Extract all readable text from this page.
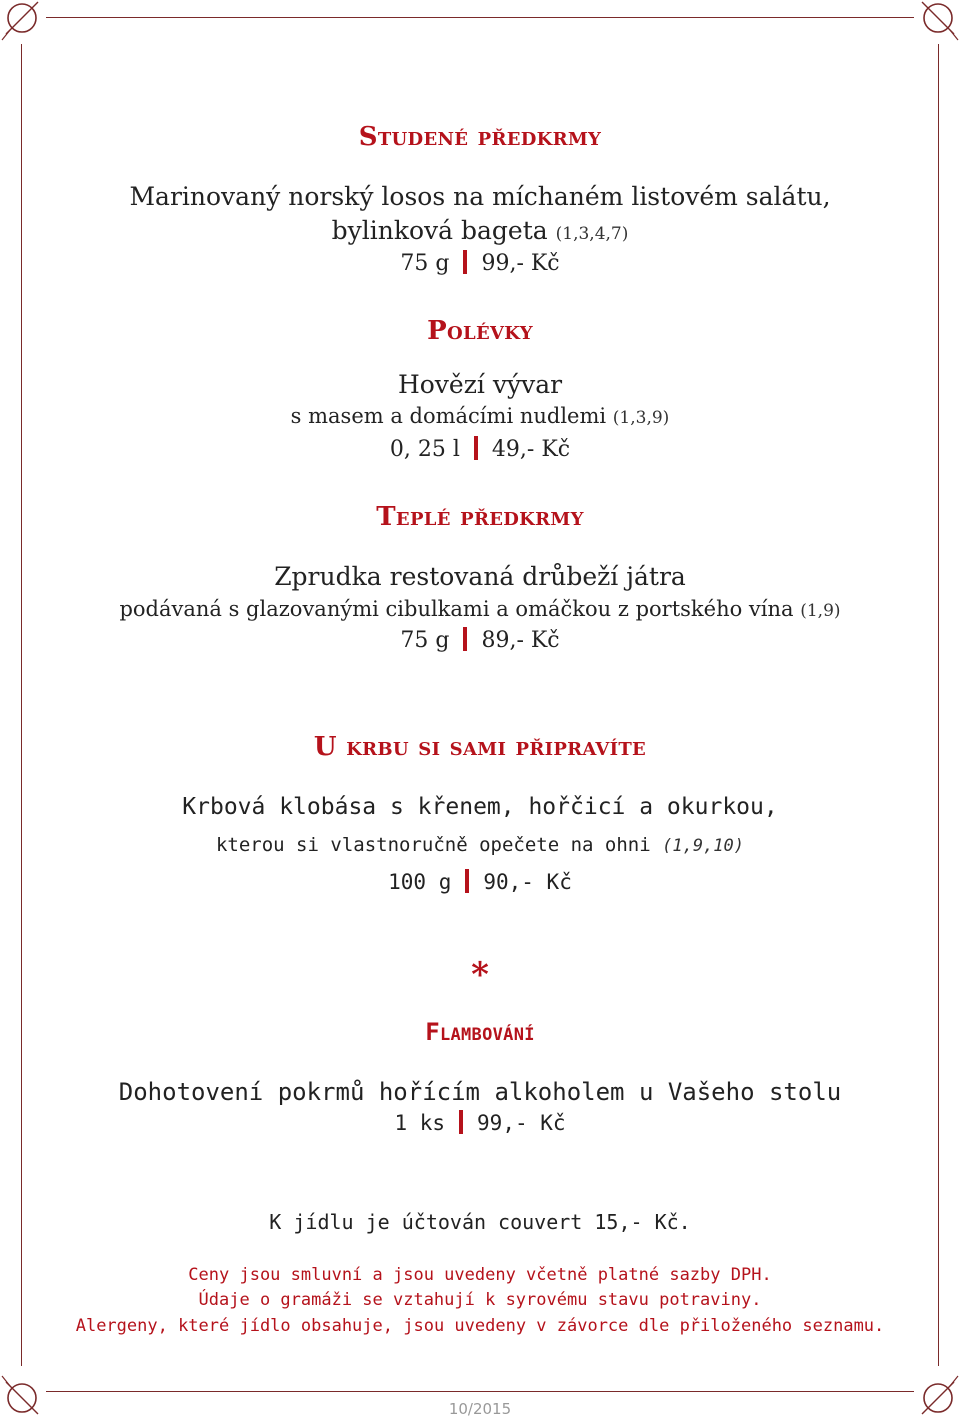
Studené předkrmy
Marinovaný norský losos na míchaném listovém salátu,
bylinková bageta (1,3,4,7)
75 g 99,- Kč
Polévky
Hovězí vývar
s masem a domácími nudlemi (1,3,9)
0, 25 l 49,- Kč
Teplé předkrmy
Zprudka restovaná drůbeží játra
podávaná s glazovanými cibulkami a omáčkou z portského vína (1,9)
75 g 89,- Kč
U krbu si sami připravíte
Krbová klobása s křenem, hořčicí a okurkou,
kterou si vlastnoručně opečete na ohni (1,9,10)
100 g 90,- Kč
*
Flambování
Dohotovení pokrmů hořícím alkoholem u Vašeho stolu
1 ks 99,- Kč
K jídlu je účtován couvert 15,- Kč.
Ceny jsou smluvní a jsou uvedeny včetně platné sazby DPH.
Údaje o gramáži se vztahují k syrovému stavu potraviny.
Alergeny, které jídlo obsahuje, jsou uvedeny v závorce dle přiloženého seznamu.
10/2015
